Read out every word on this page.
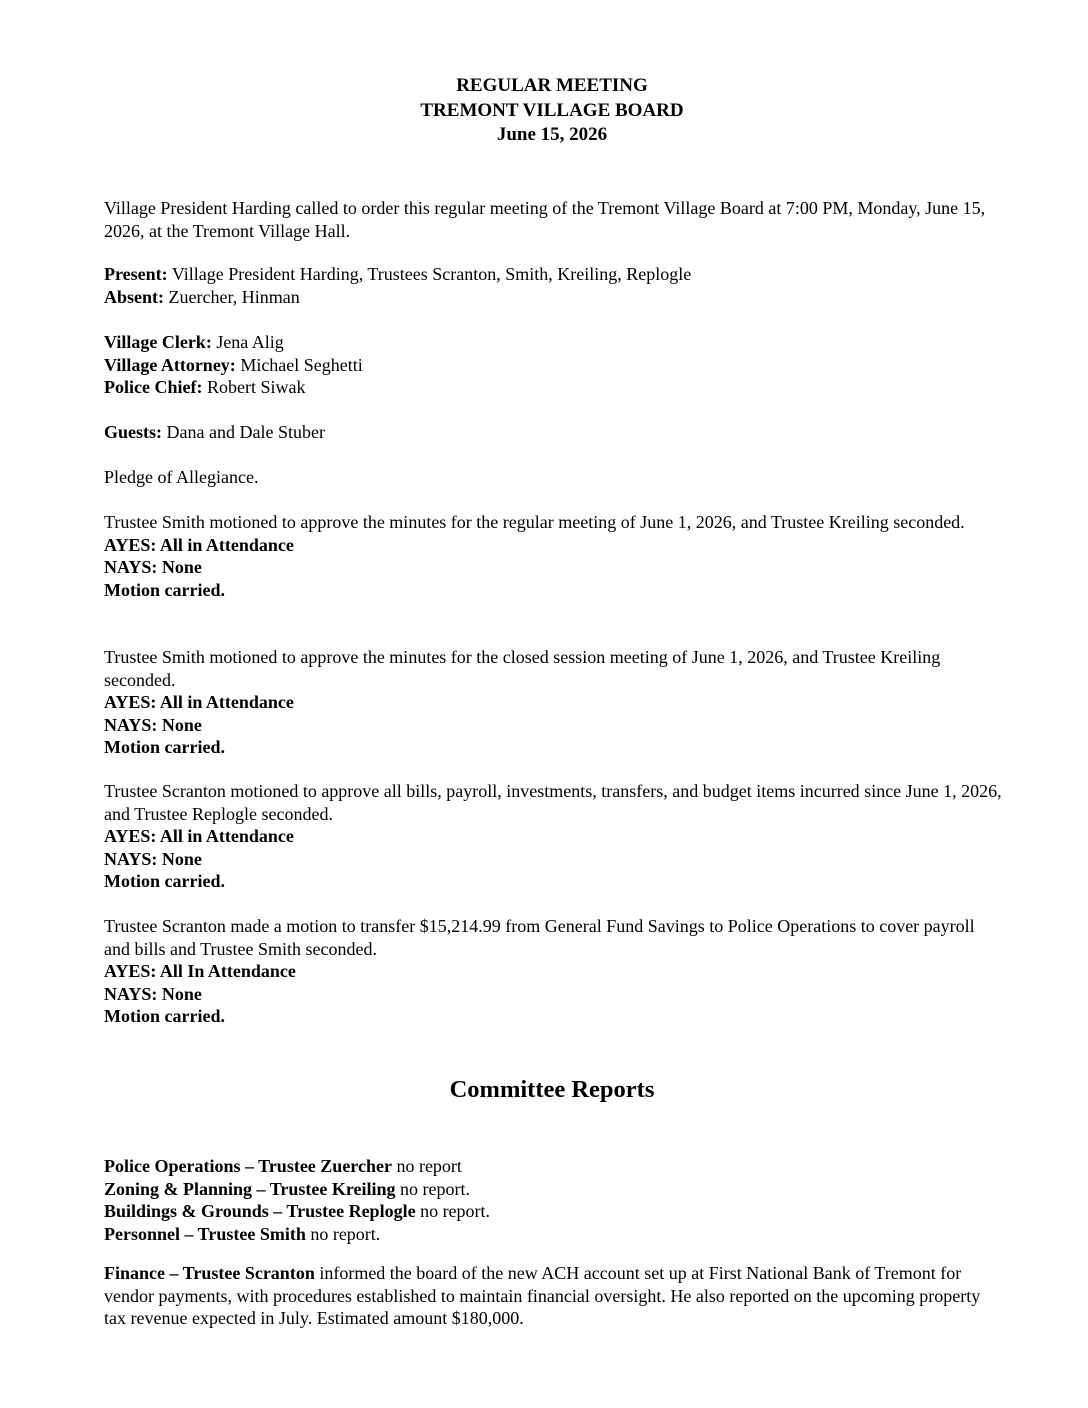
REGULAR MEETING
TREMONT VILLAGE BOARD
June 15, 2026

Village President Harding called to order this regular meeting of the Tremont Village Board at 7:00 PM, Monday, June 15, 2026, at the Tremont Village Hall.

Present: Village President Harding, Trustees Scranton, Smith, Kreiling, Replogle

Absent: Zuercher, Hinman

Village Clerk: Jena Alig

Village Attorney: Michael Seghetti

Police Chief: Robert Siwak

Guests: Dana and Dale Stuber

Pledge of Allegiance.

Trustee Smith motioned to approve the minutes for the regular meeting of June 1, 2026, and Trustee Kreiling seconded.

AYES: All in Attendance

NAYS: None

Motion carried.

Trustee Smith motioned to approve the minutes for the closed session meeting of June 1, 2026, and Trustee Kreiling seconded.

AYES: All in Attendance

NAYS: None

Motion carried.

Trustee Scranton motioned to approve all bills, payroll, investments, transfers, and budget items incurred since June 1, 2026, and Trustee Replogle seconded.

AYES: All in Attendance

NAYS: None

Motion carried.

Trustee Scranton made a motion to transfer $15,214.99 from General Fund Savings to Police Operations to cover payroll and bills and Trustee Smith seconded.

AYES: All In Attendance

NAYS: None

Motion carried.

Committee Reports

Police Operations – Trustee Zuercher no report

Zoning & Planning – Trustee Kreiling no report.

Buildings & Grounds – Trustee Replogle no report.

Personnel – Trustee Smith no report.

Finance – Trustee Scranton informed the board of the new ACH account set up at First National Bank of Tremont for vendor payments, with procedures established to maintain financial oversight. He also reported on the upcoming property tax revenue expected in July. Estimated amount $180,000.
